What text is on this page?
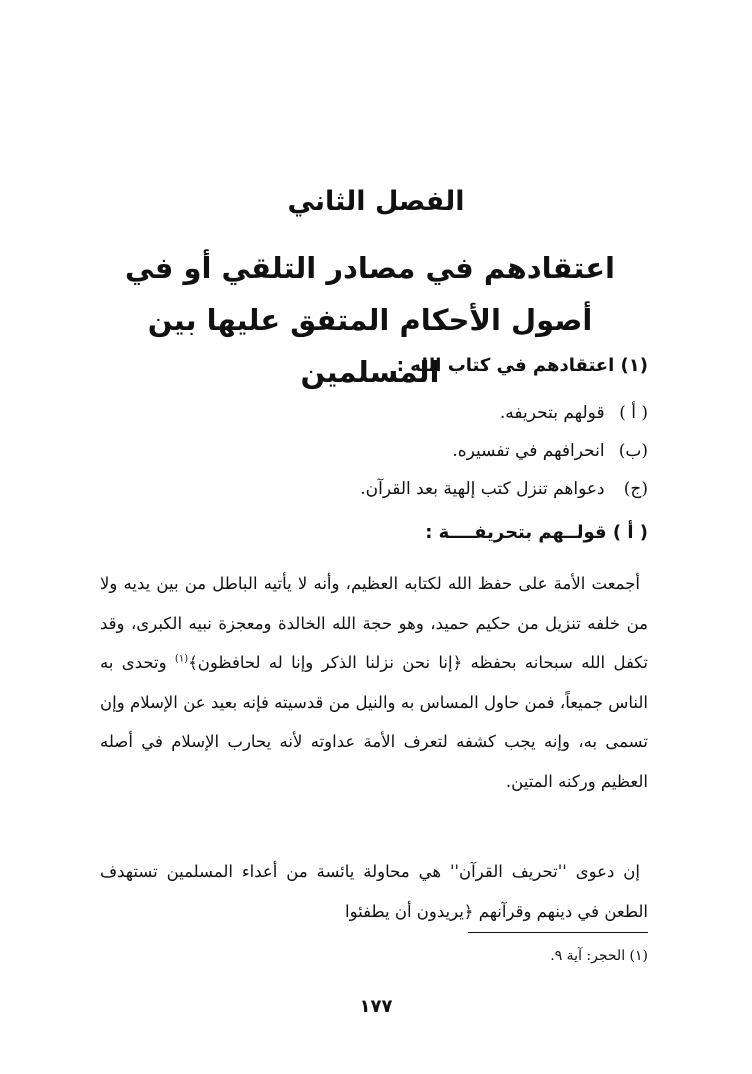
الفصل الثاني
اعتقادهم في مصادر التلقي أو في أصول الأحكام المتفق عليها بين المسلمين
(١) اعتقادهم في كتاب الله :
( أ ) قولهم بتحريفه.
(ب) انحرافهم في تفسيره.
(ج) دعواهم تنزل كتب إلهية بعد القرآن.
( أ ) قولــهم بتحريفــــة :

أجمعت الأمة على حفظ الله لكتابه العظيم، وأنه لا يأتيه الباطل من بين يديه ولا من خلفه تنزيل من حكيم حميد، وهو حجة الله الخالدة ومعجزة نبيه الكبرى، وقد تكفل الله سبحانه بحفظه ﴿إنا نحن نزلنا الذكر وإنا له لحافظون﴾$^{(١)}$ وتحدى به الناس جميعاً، فمن حاول المساس به والنيل من قدسيته فإنه بعيد عن الإسلام وإن تسمى به، وإنه يجب كشفه لتعرف الأمة عداوته لأنه يحارب الإسلام في أصله العظيم وركنه المتين.

إن دعوى ''تحريف القرآن'' هي محاولة يائسة من أعداء المسلمين تستهدف الطعن في دينهم وقرآنهم ﴿يريدون أن يطفئوا

(١) الحجر: آية ٩.

١٧٧
